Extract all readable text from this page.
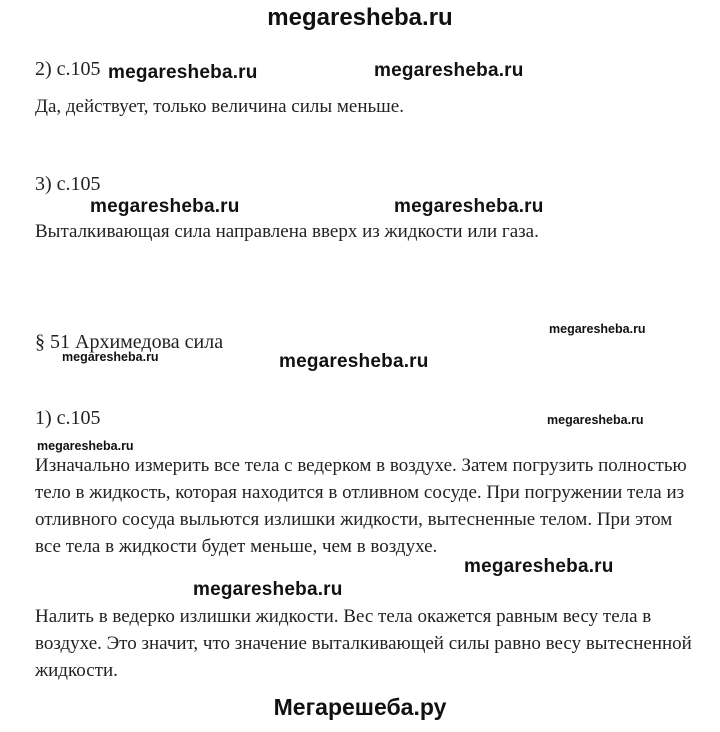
megaresheba.ru
2) с.105 megaresheba.ru	megaresheba.ru
Да, действует, только величина силы меньше.
3) с.105
megaresheba.ru	megaresheba.ru
Выталкивающая сила направлена вверх из жидкости или газа.
megaresheba.ru
§ 51 Архимедова сила
megaresheba.ru	megaresheba.ru
1) с.105	megaresheba.ru
megaresheba.ru
Изначально измерить все тела с ведерком в воздухе. Затем погрузить полностью тело в жидкость, которая находится в отливном сосуде. При погружении тела из отливного сосуда выльются излишки жидкости, вытесненные телом. При этом все тела в жидкости будет меньше, чем в воздухе.
megaresheba.ru
megaresheba.ru
Налить в ведерко излишки жидкости. Вес тела окажется равным весу тела в воздухе. Это значит, что значение выталкивающей силы равно весу вытесненной жидкости.
Мегарешеба.ру
